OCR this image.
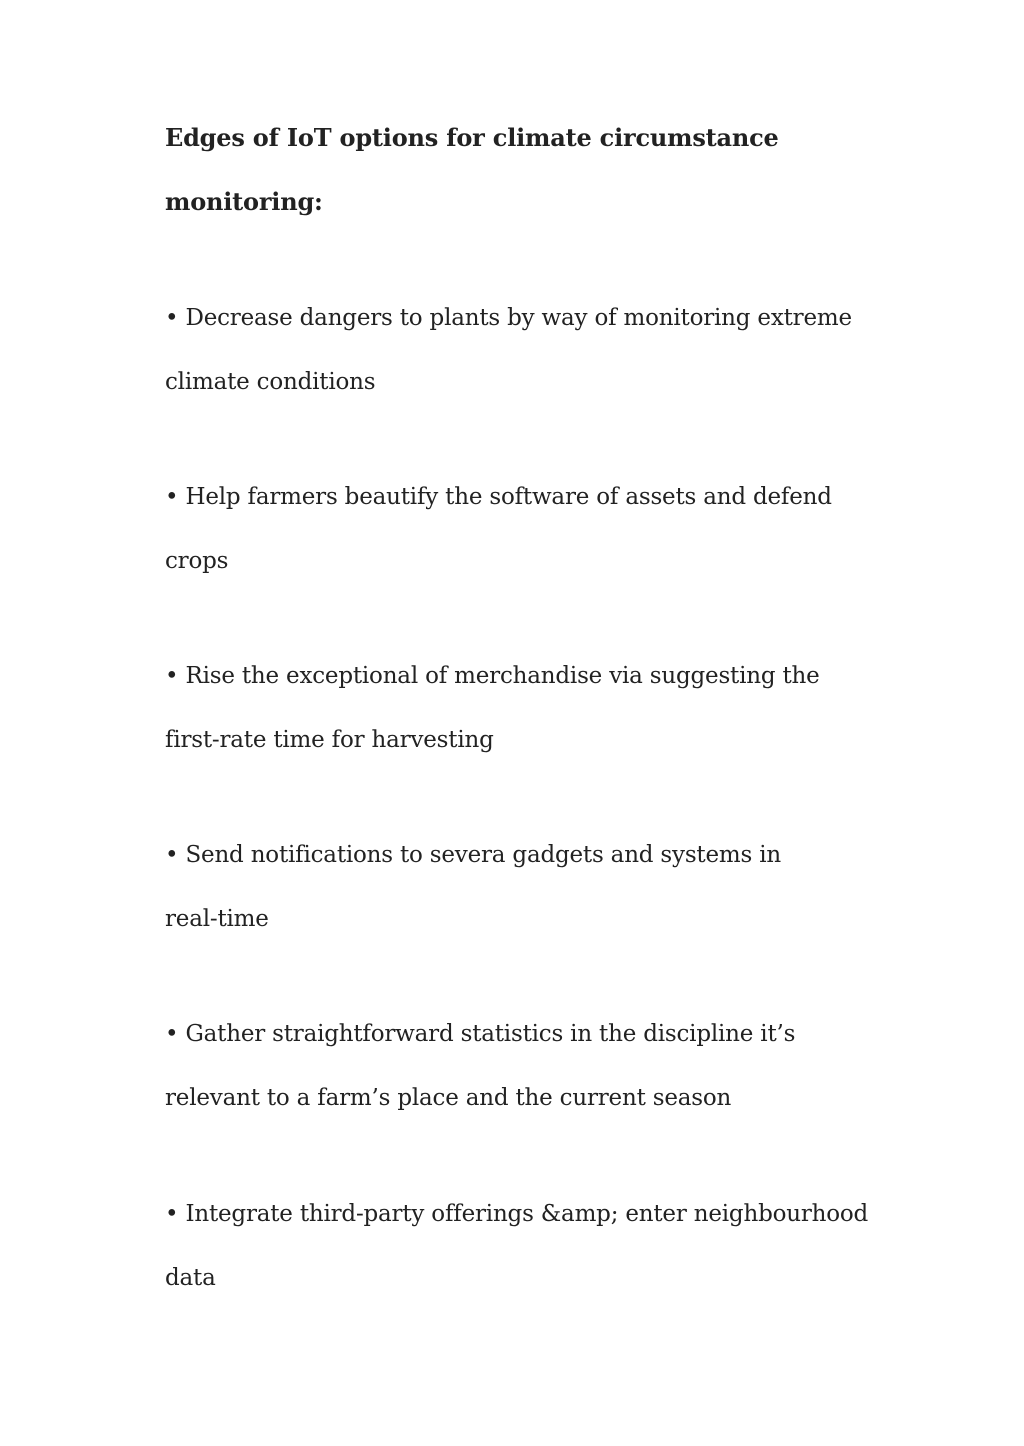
Edges of IoT options for climate circumstance
monitoring:
• Decrease dangers to plants by way of monitoring extreme
climate conditions
• Help farmers beautify the software of assets and defend
crops
• Rise the exceptional of merchandise via suggesting the
first-rate time for harvesting
• Send notifications to severa gadgets and systems in
real-time
• Gather straightforward statistics in the discipline it’s
relevant to a farm’s place and the current season
• Integrate third-party offerings &amp; enter neighbourhood
data
